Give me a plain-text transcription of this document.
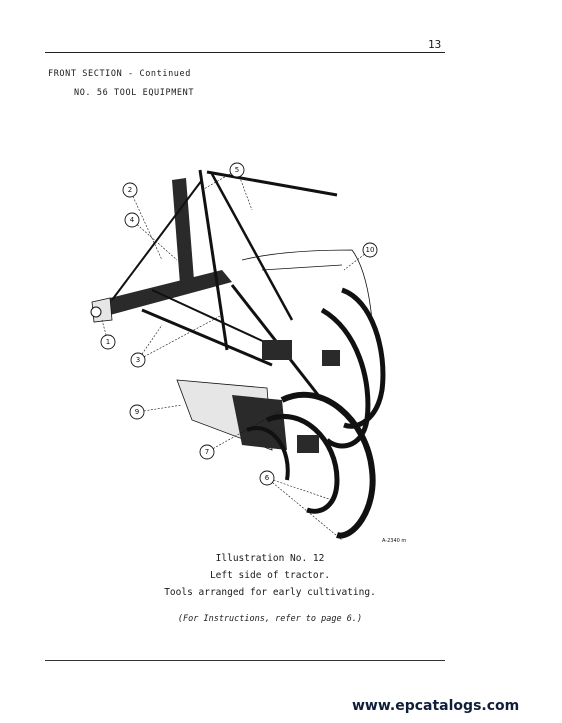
13
FRONT SECTION - Continued
NO. 56 TOOL EQUIPMENT
1
2
3
4
5
6
7
9
10
A-2340 m
Illustration No. 12
Left side of tractor.
Tools arranged for early cultivating.
(For Instructions, refer to page 6.)
www.epcatalogs.com
